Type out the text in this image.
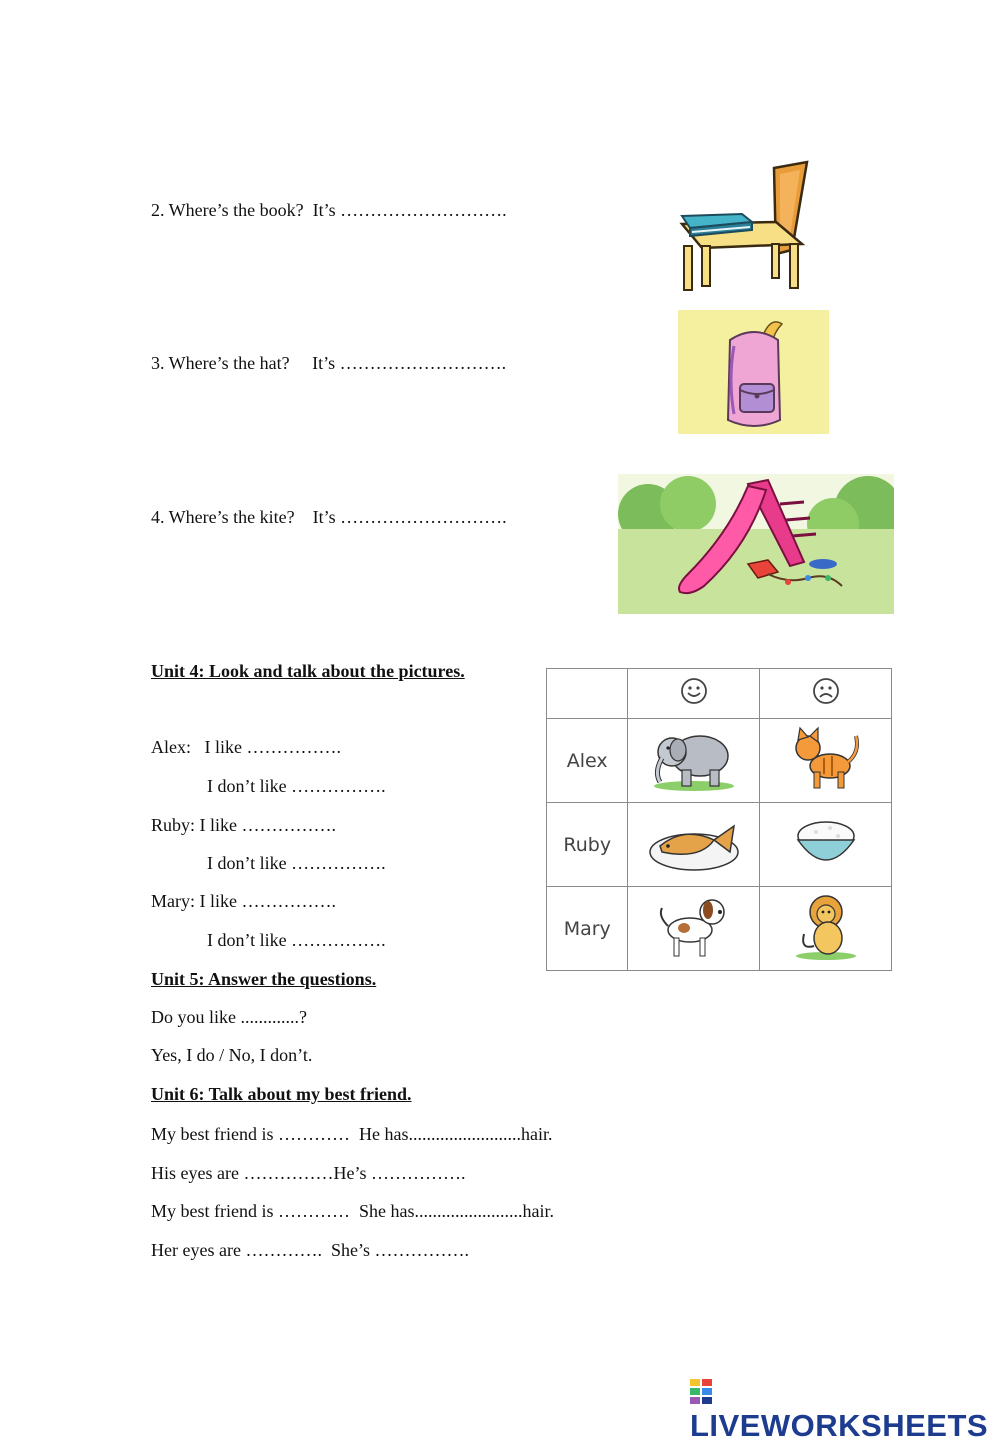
2. Where’s the book?  It’s ……………………….
3. Where’s the hat?     It’s ……………………….
4. Where’s the kite?    It’s ……………………….
Unit 4: Look and talk about the pictures.
Alex:   I like …………….
I don’t like …………….
Ruby: I like …………….
I don’t like …………….
Mary: I like …………….
I don’t like …………….

Alex		
Ruby		
Mary		
Unit 5: Answer the questions.
Do you like .............?
Yes, I do / No, I don’t.
Unit 6: Talk about my best friend.
My best friend is …………  He has.........................hair.
His eyes are ……………He’s …………….
My best friend is …………  She has........................hair.
Her eyes are ………….  She’s …………….
LIVEWORKSHEETS
